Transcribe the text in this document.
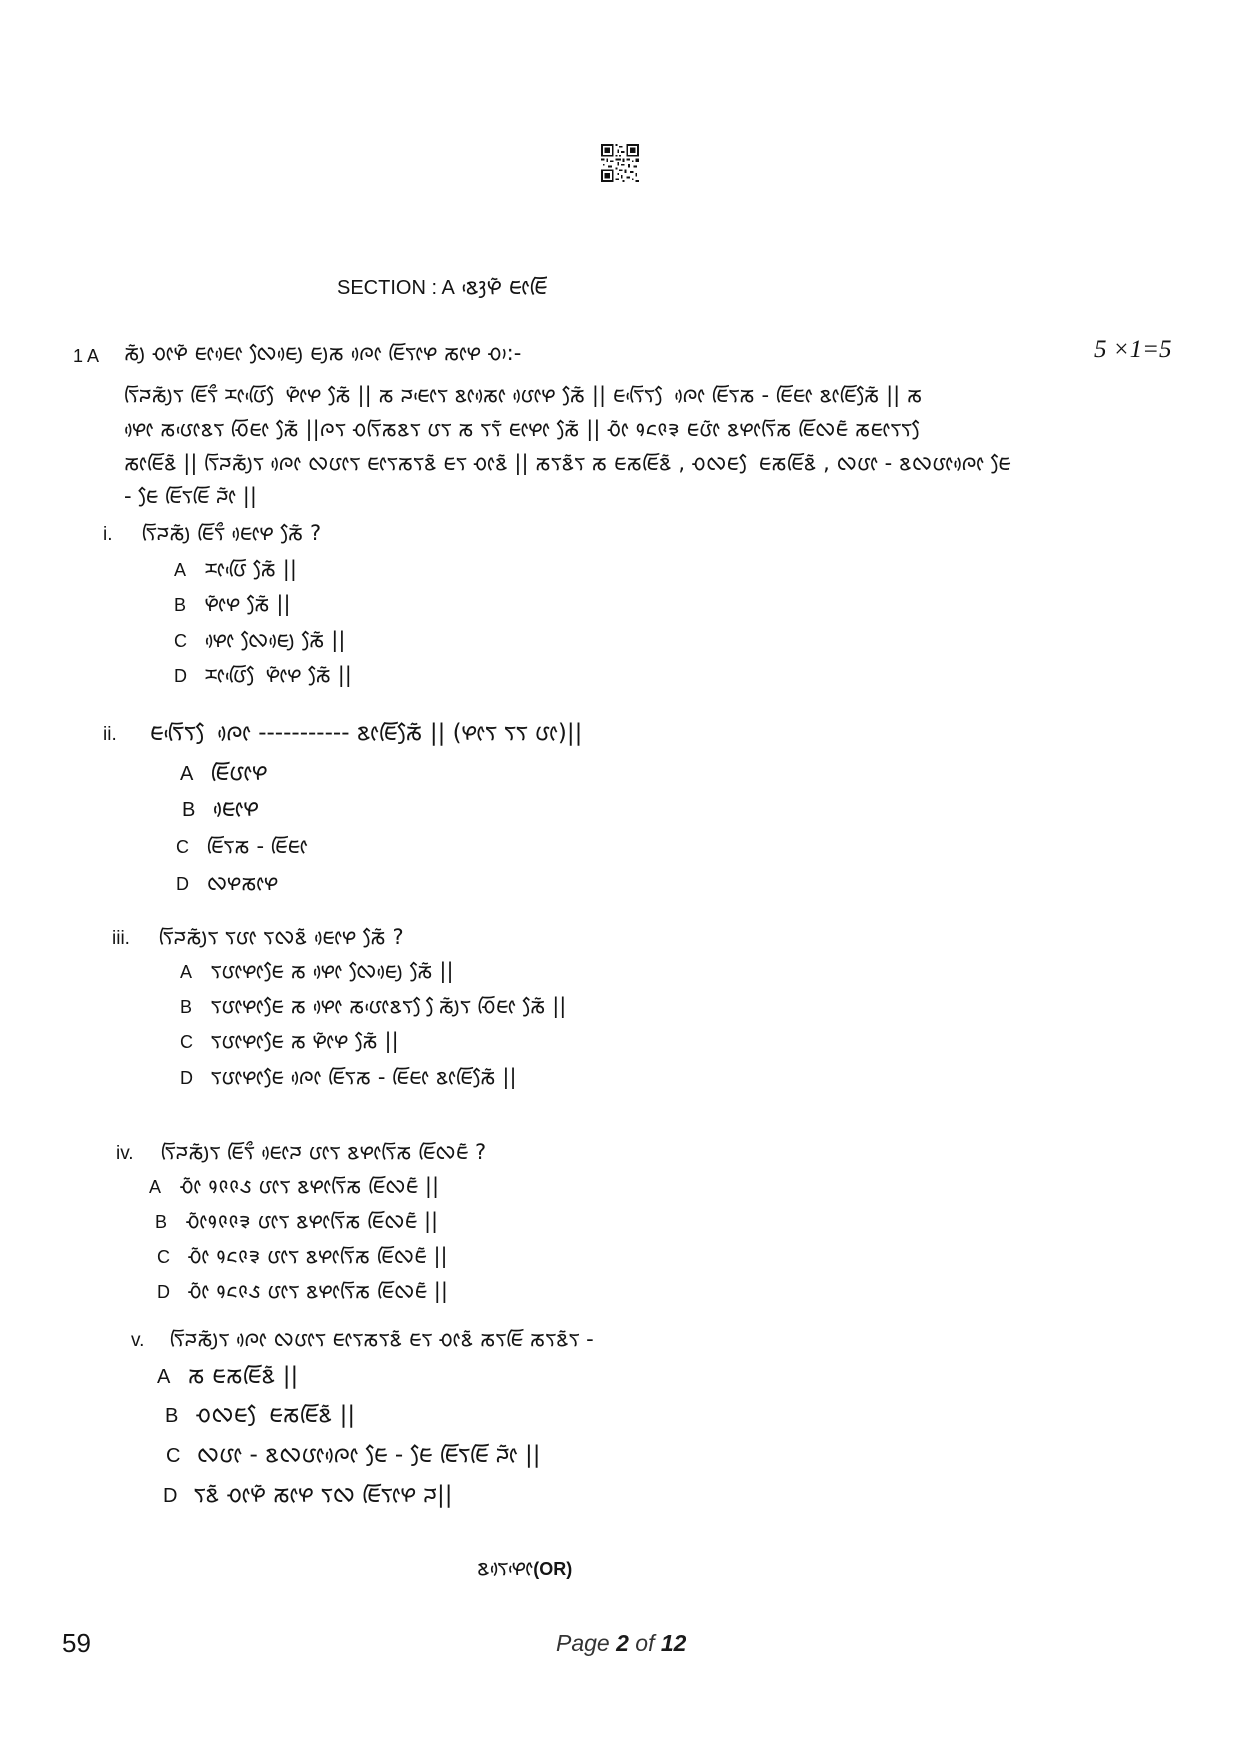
SECTION : A ᰣᰫᰵᰋᰶ ᰀᰦᰀᰩ
1 A ᰕᰪᰶ ᰆᰦᰋᰶ ᰀᰦᰀᰦᰴ ᰜᰧᰀᰪᰴ ᰀᰪᰕ ᰍᰦᰴ ᰀᰩᰛᰦᰋ ᰕᰦᰋ ᰆᰥ:-	5 ×1=5
ᰛᰩᰎᰕᰪᰶᰛ ᰀᰩᰛᰰ ᰌᰦᰂᰩᰵ ᰧ ᰋᰦᰶᰋ ᰕᰧᰶ || ᰕ ᰎᰀᰦᰵᰛ ᰣᰦᰕᰦᰴ ᰂᰦᰴᰋ ᰕᰧᰶ || ᰀᰛᰩᰵᰛ ᰧ ᰍᰦᰴ ᰀᰩᰛᰕ - ᰀᰩᰀᰦ ᰣᰦᰀᰩᰕᰧᰶ || ᰕ
ᰋᰦᰴ ᰕᰂᰦᰵᰣᰛ ᰆᰩᰀᰦ ᰕᰧᰶ ||ᰍᰛ ᰆᰛᰩᰕᰣᰛ ᰂᰛ ᰕ ᰛᰛᰶ ᰀᰦᰋᰦ ᰕᰧᰶ || ᰆᰦᰶ ᱁᱈᱉᱃ ᰀᰂᰦᰶ ᰣᰋᰦᰛᰩᰕ ᰀᰩᰜᰀᰶ ᰕᰀᰦᰛᰛ ᰧ
ᰕᰦᰀᰩᰣᰶ || ᰛᰩᰎᰕᰪᰶᰛ ᰍᰦᰴ ᰜᰂᰦᰛ ᰀᰦᰛᰕᰛᰣᰶ ᰀᰛ ᰆᰦᰣᰶ || ᰕᰛᰣᰶᰛ ᰕ ᰀᰕᰀᰩᰣᰶ , ᰆᰜᰀ ᰧ ᰀᰕᰀᰩᰣᰶ , ᰜᰂᰦ - ᰣᰜᰂᰦᰍᰦᰴ ᰀᰧ
- ᰀᰧ ᰀᰩᰛᰀᰩ ᰎᰦᰶ ||
i. ᰛᰩᰎᰕᰪᰶ ᰀᰩᰛᰰ ᰀᰦᰴᰋ ᰕᰧᰶ ?
A ᰌᰦᰂᰩᰵ ᰕᰧᰶ ||
B ᰋᰦᰶᰋ ᰕᰧᰶ ||
C ᰋᰦᰴ ᰜᰧᰀᰪᰴ ᰕᰧᰶ ||
D ᰌᰦᰂᰩᰵ ᰧ ᰋᰦᰶᰋ ᰕᰧᰶ ||
ii. ᰀᰛᰩᰵᰛ ᰧ ᰍᰦᰴ ----------- ᰣᰦᰀᰩᰕᰧᰶ || (ᰋᰦᰛ ᰛᰛ ᰂᰦ)||
A ᰀᰩᰂᰦᰋ
B ᰀᰦᰴᰋ
C ᰀᰩᰛᰕ - ᰀᰩᰀᰦ
D ᰜᰋᰕᰦᰋ
iii. ᰛᰩᰎᰕᰪᰶᰛ ᰛᰂᰦ ᰛᰜᰣᰶ ᰀᰦᰴᰋ ᰕᰧᰶ ?
A ᰛᰂᰦᰋᰦᰀᰧ ᰕ ᰋᰦᰴ ᰜᰧᰀᰪᰴ ᰕᰧᰶ ||
B ᰛᰂᰦᰋᰦᰀᰧ ᰕ ᰋᰦᰴ ᰕᰂᰦᰵᰣᰛ ᰧ ᰧᰕᰪᰶᰛ ᰆᰩᰀᰦ ᰕᰧᰶ ||
C ᰛᰂᰦᰋᰦᰀᰧ ᰕ ᰋᰦᰶᰋ ᰕᰧᰶ ||
D ᰛᰂᰦᰋᰦᰀᰧ ᰍᰦᰴ ᰀᰩᰛᰕ - ᰀᰩᰀᰦ ᰣᰦᰀᰩᰕᰧᰶ ||
iv. ᰛᰩᰎᰕᰪᰶᰛ ᰀᰩᰛᰰ ᰀᰦᰴᰎ ᰂᰦᰛ ᰣᰋᰦᰛᰩᰕ ᰀᰩᰜᰀᰶ ?
A ᰆᰦᰶ ᱁᱉᱉᱆ ᰂᰦᰛ ᰣᰋᰦᰛᰩᰕ ᰀᰩᰜᰀᰶ ||
B ᰆᰦᰶ᱁᱉᱉᱃ ᰂᰦᰛ ᰣᰋᰦᰛᰩᰕ ᰀᰩᰜᰀᰶ ||
C ᰆᰦᰶ ᱁᱈᱉᱃ ᰂᰦᰛ ᰣᰋᰦᰛᰩᰕ ᰀᰩᰜᰀᰶ ||
D ᰆᰦᰶ ᱁᱈᱉᱆ ᰂᰦᰛ ᰣᰋᰦᰛᰩᰕ ᰀᰩᰜᰀᰶ ||
v. ᰛᰩᰎᰕᰪᰶᰛ ᰍᰦᰴ ᰜᰂᰦᰛ ᰀᰦᰛᰕᰛᰣᰶ ᰀᰛ ᰆᰦᰣᰶ ᰕᰛᰀᰩ ᰕᰛᰣᰶᰛ -
A ᰕ ᰀᰕᰀᰩᰣᰶ ||
B ᰆᰜᰀ ᰧ ᰀᰕᰀᰩᰣᰶ ||
C ᰜᰂᰦ - ᰣᰜᰂᰦᰍᰦᰴ ᰀᰧ - ᰀᰧ ᰀᰩᰛᰀᰩ ᰎᰦᰶ ||
D ᰛᰣᰶ ᰆᰦᰋᰶ ᰕᰦᰋ ᰛᰜ ᰀᰩᰛᰦᰋ ᰎ||
ᰣᰛᰴᰋᰦᰵ(OR)
59	Page 2 of 12
